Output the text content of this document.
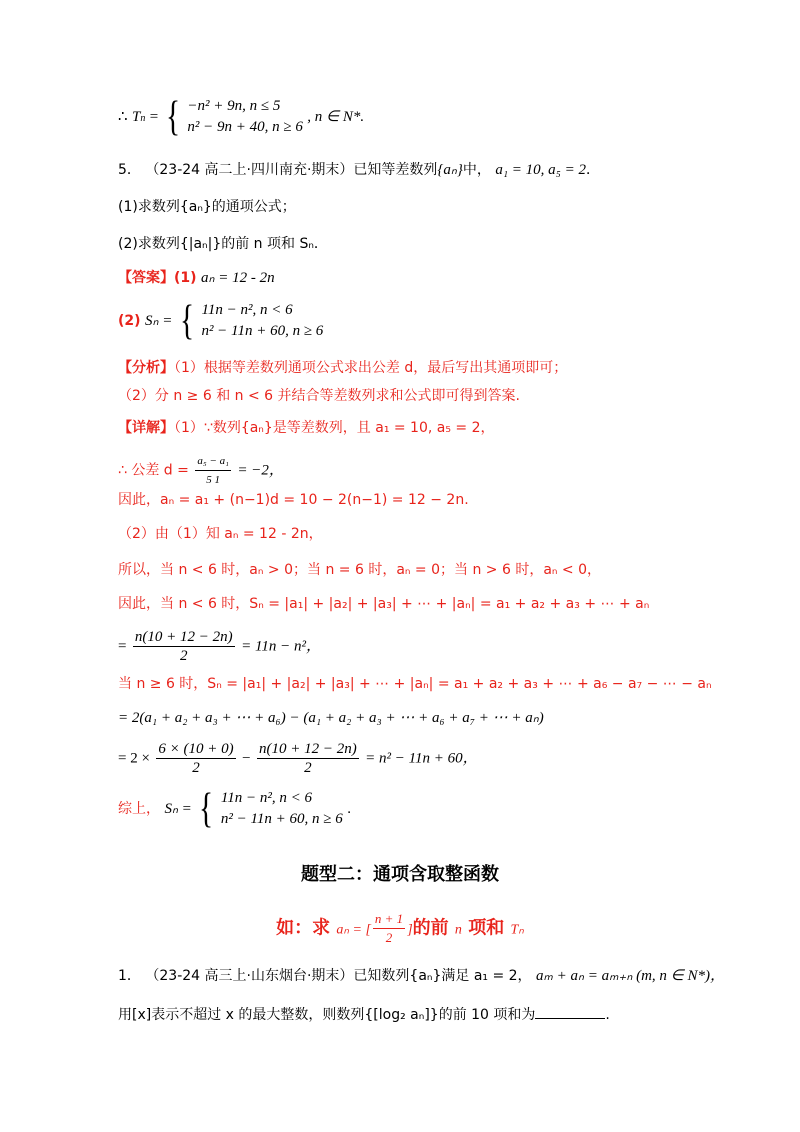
∴ Tn = { −n² + 9n, n ≤ 5
n² − 9n + 40, n ≥ 6
, n ∈ N*.
5． （23-24 高二上·四川南充·期末）已知等差数列{aₙ}中， a₁ = 10, a₅ = 2．
(1)求数列{aₙ}的通项公式；
(2)求数列{|aₙ|}的前 n 项和 Sₙ．
【答案】(1) aₙ = 12 - 2n
(2) Sₙ = { 11n − n², n < 6
n² − 11n + 60, n ≥ 6
【分析】（1）根据等差数列通项公式求出公差 d，最后写出其通项即可；
（2）分 n ≥ 6 和 n < 6 并结合等差数列求和公式即可得到答案.
【详解】（1）∵数列{aₙ}是等差数列，且 a₁ = 10, a₅ = 2，
∴ 公差 $d = \frac{\text{a₅ − a₁}}{5 1} = -2$，
因此，aₙ = a₁ + (n−1)d = 10 − 2(n−1) = 12 − 2n.
（2）由（1）知 aₙ = 12 - 2n，
所以，当 n < 6 时，aₙ > 0；当 n = 6 时，aₙ = 0；当 n > 6 时，aₙ < 0，
因此，当 n < 6 时，Sₙ = |a₁| + |a₂| + |a₃| + ⋯ + |aₙ| = a₁ + a₂ + a₃ + ⋯ + aₙ
= $\frac{n(10 + 12 - 2n)}{2} = 11n - n^2$，
当 n ≥ 6 时，Sₙ = |a₁| + |a₂| + |a₃| + ⋯ + |aₙ| = a₁ + a₂ + a₃ + ⋯ + a₆ − a₇ − ⋯ − aₙ
= 2(a₁ + a₂ + a₃ + ⋯ + a₆) − (a₁ + a₂ + a₃ + ⋯ + a₆ + a₇ + ⋯ + aₙ)
= $2 \times \frac{6 \times (10 + 0)}{2} - \frac{n(10 + 12 - 2n)}{2} = n^2 - 11n + 60$，
综上， Sₙ = { 11n − n², n < 6
n² − 11n + 60, n ≥ 6
.
题型二：通项含取整函数
如：求 aₙ = [ $\frac{n + 1}{2}$ ]的前 n 项和 Tₙ
1． （23-24 高三上·山东烟台·期末）已知数列{aₙ}满足 a₁ = 2， aₘ + aₙ = aₘ₊ₙ (m, n ∈ N*)，
用[x]表示不超过 x 的最大整数，则数列{[log₂ aₙ]}的前 10 项和为	.
